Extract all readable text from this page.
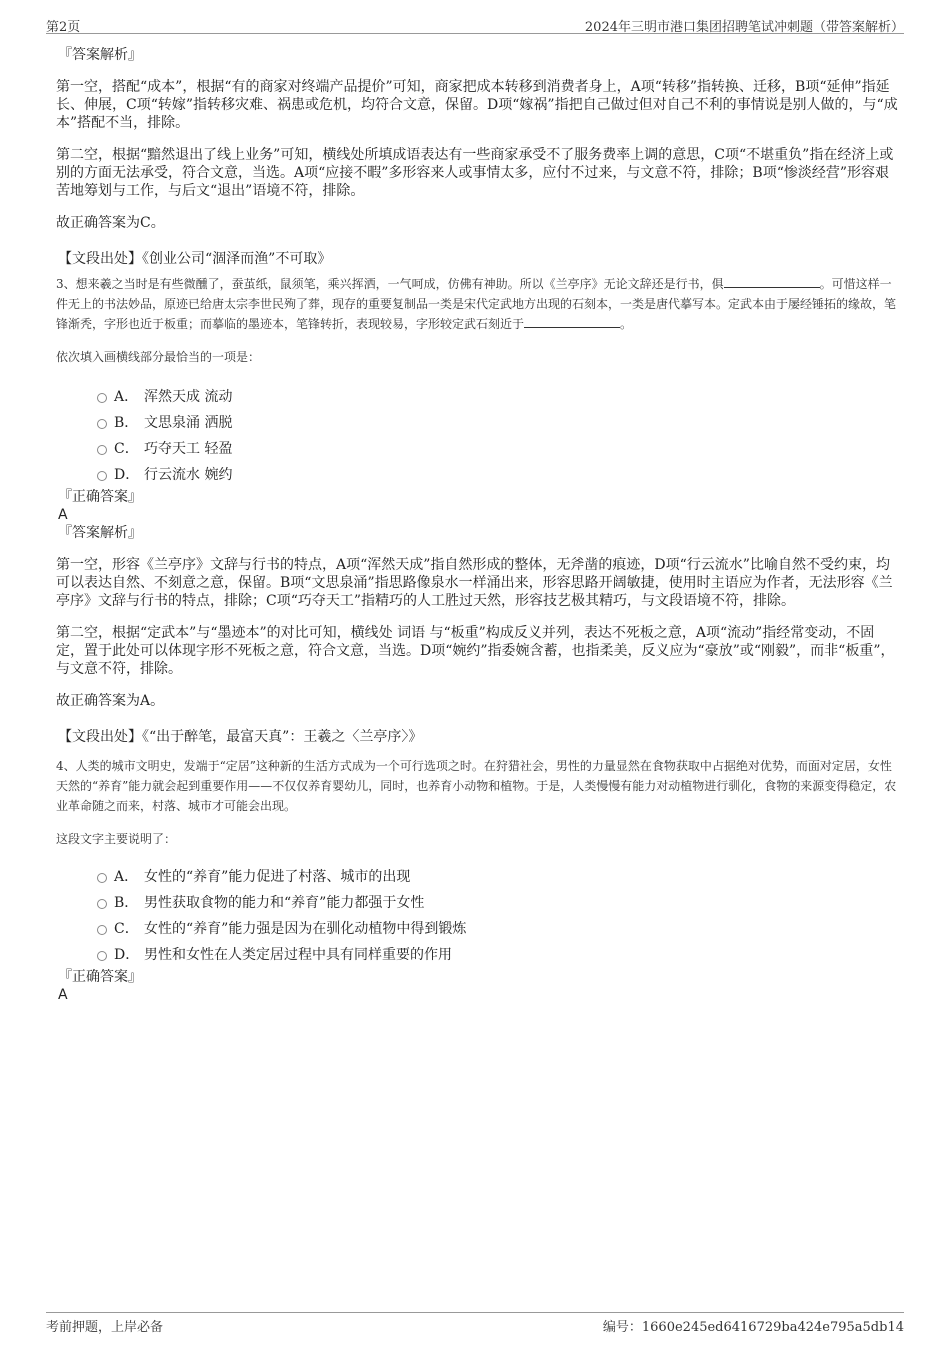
第2页	2024年三明市港口集团招聘笔试冲刺题（带答案解析）
『答案解析』

第一空，搭配“成本”，根据“有的商家对终端产品提价”可知，商家把成本转移到消费者身上，A项“转移”指转换、迁移，B项“延伸”指延长、伸展，C项“转嫁”指转移灾难、祸患或危机，均符合文意，保留。D项“嫁祸”指把自己做过但对自己不利的事情说是别人做的，与“成本”搭配不当，排除。

第二空，根据“黯然退出了线上业务”可知，横线处所填成语表达有一些商家承受不了服务费率上调的意思，C项“不堪重负”指在经济上或别的方面无法承受，符合文意，当选。A项“应接不暇”多形容来人或事情太多，应付不过来，与文意不符，排除；B项“惨淡经营”形容艰苦地筹划与工作，与后文“退出”语境不符，排除。

故正确答案为C。

【文段出处】《创业公司“涸泽而渔”不可取》

3、想来羲之当时是有些微醺了，蚕茧纸，鼠须笔，乘兴挥洒，一气呵成，仿佛有神助。所以《兰亭序》无论文辞还是行书，俱	。可惜这样一件无上的书法妙品，原迹已给唐太宗李世民殉了葬，现存的重要复制品一类是宋代定武地方出现的石刻本，一类是唐代摹写本。定武本由于屡经锤拓的缘故，笔锋渐秃，字形也近于板重；而摹临的墨迹本，笔锋转折，表现较易，字形较定武石刻近于	。

依次填入画横线部分最恰当的一项是：
A． 浑然天成 流动
B． 文思泉涌 洒脱
C． 巧夺天工 轻盈
D． 行云流水 婉约
『正确答案』
A
『答案解析』

第一空，形容《兰亭序》文辞与行书的特点，A项“浑然天成”指自然形成的整体，无斧凿的痕迹，D项“行云流水”比喻自然不受约束，均可以表达自然、不刻意之意，保留。B项“文思泉涌”指思路像泉水一样涌出来，形容思路开阔敏捷，使用时主语应为作者，无法形容《兰亭序》文辞与行书的特点，排除；C项“巧夺天工”指精巧的人工胜过天然，形容技艺极其精巧，与文段语境不符，排除。

第二空，根据“定武本”与“墨迹本”的对比可知，横线处 词语 与“板重”构成反义并列，表达不死板之意，A项“流动”指经常变动，不固定，置于此处可以体现字形不死板之意，符合文意，当选。D项“婉约”指委婉含蓄，也指柔美，反义应为“豪放”或“刚毅”，而非“板重”，与文意不符，排除。

故正确答案为A。

【文段出处】《“出于醉笔，最富天真”：王羲之〈兰亭序〉》

4、人类的城市文明史，发端于“定居”这种新的生活方式成为一个可行选项之时。在狩猎社会，男性的力量显然在食物获取中占据绝对优势，而面对定居，女性天然的“养育”能力就会起到重要作用——不仅仅养育婴幼儿，同时，也养育小动物和植物。于是，人类慢慢有能力对动植物进行驯化，食物的来源变得稳定，农业革命随之而来，村落、城市才可能会出现。

这段文字主要说明了：
A． 女性的“养育”能力促进了村落、城市的出现
B． 男性获取食物的能力和“养育”能力都强于女性
C． 女性的“养育”能力强是因为在驯化动植物中得到锻炼
D． 男性和女性在人类定居过程中具有同样重要的作用
『正确答案』
A
考前押题，上岸必备	编号：1660e245ed6416729ba424e795a5db14
